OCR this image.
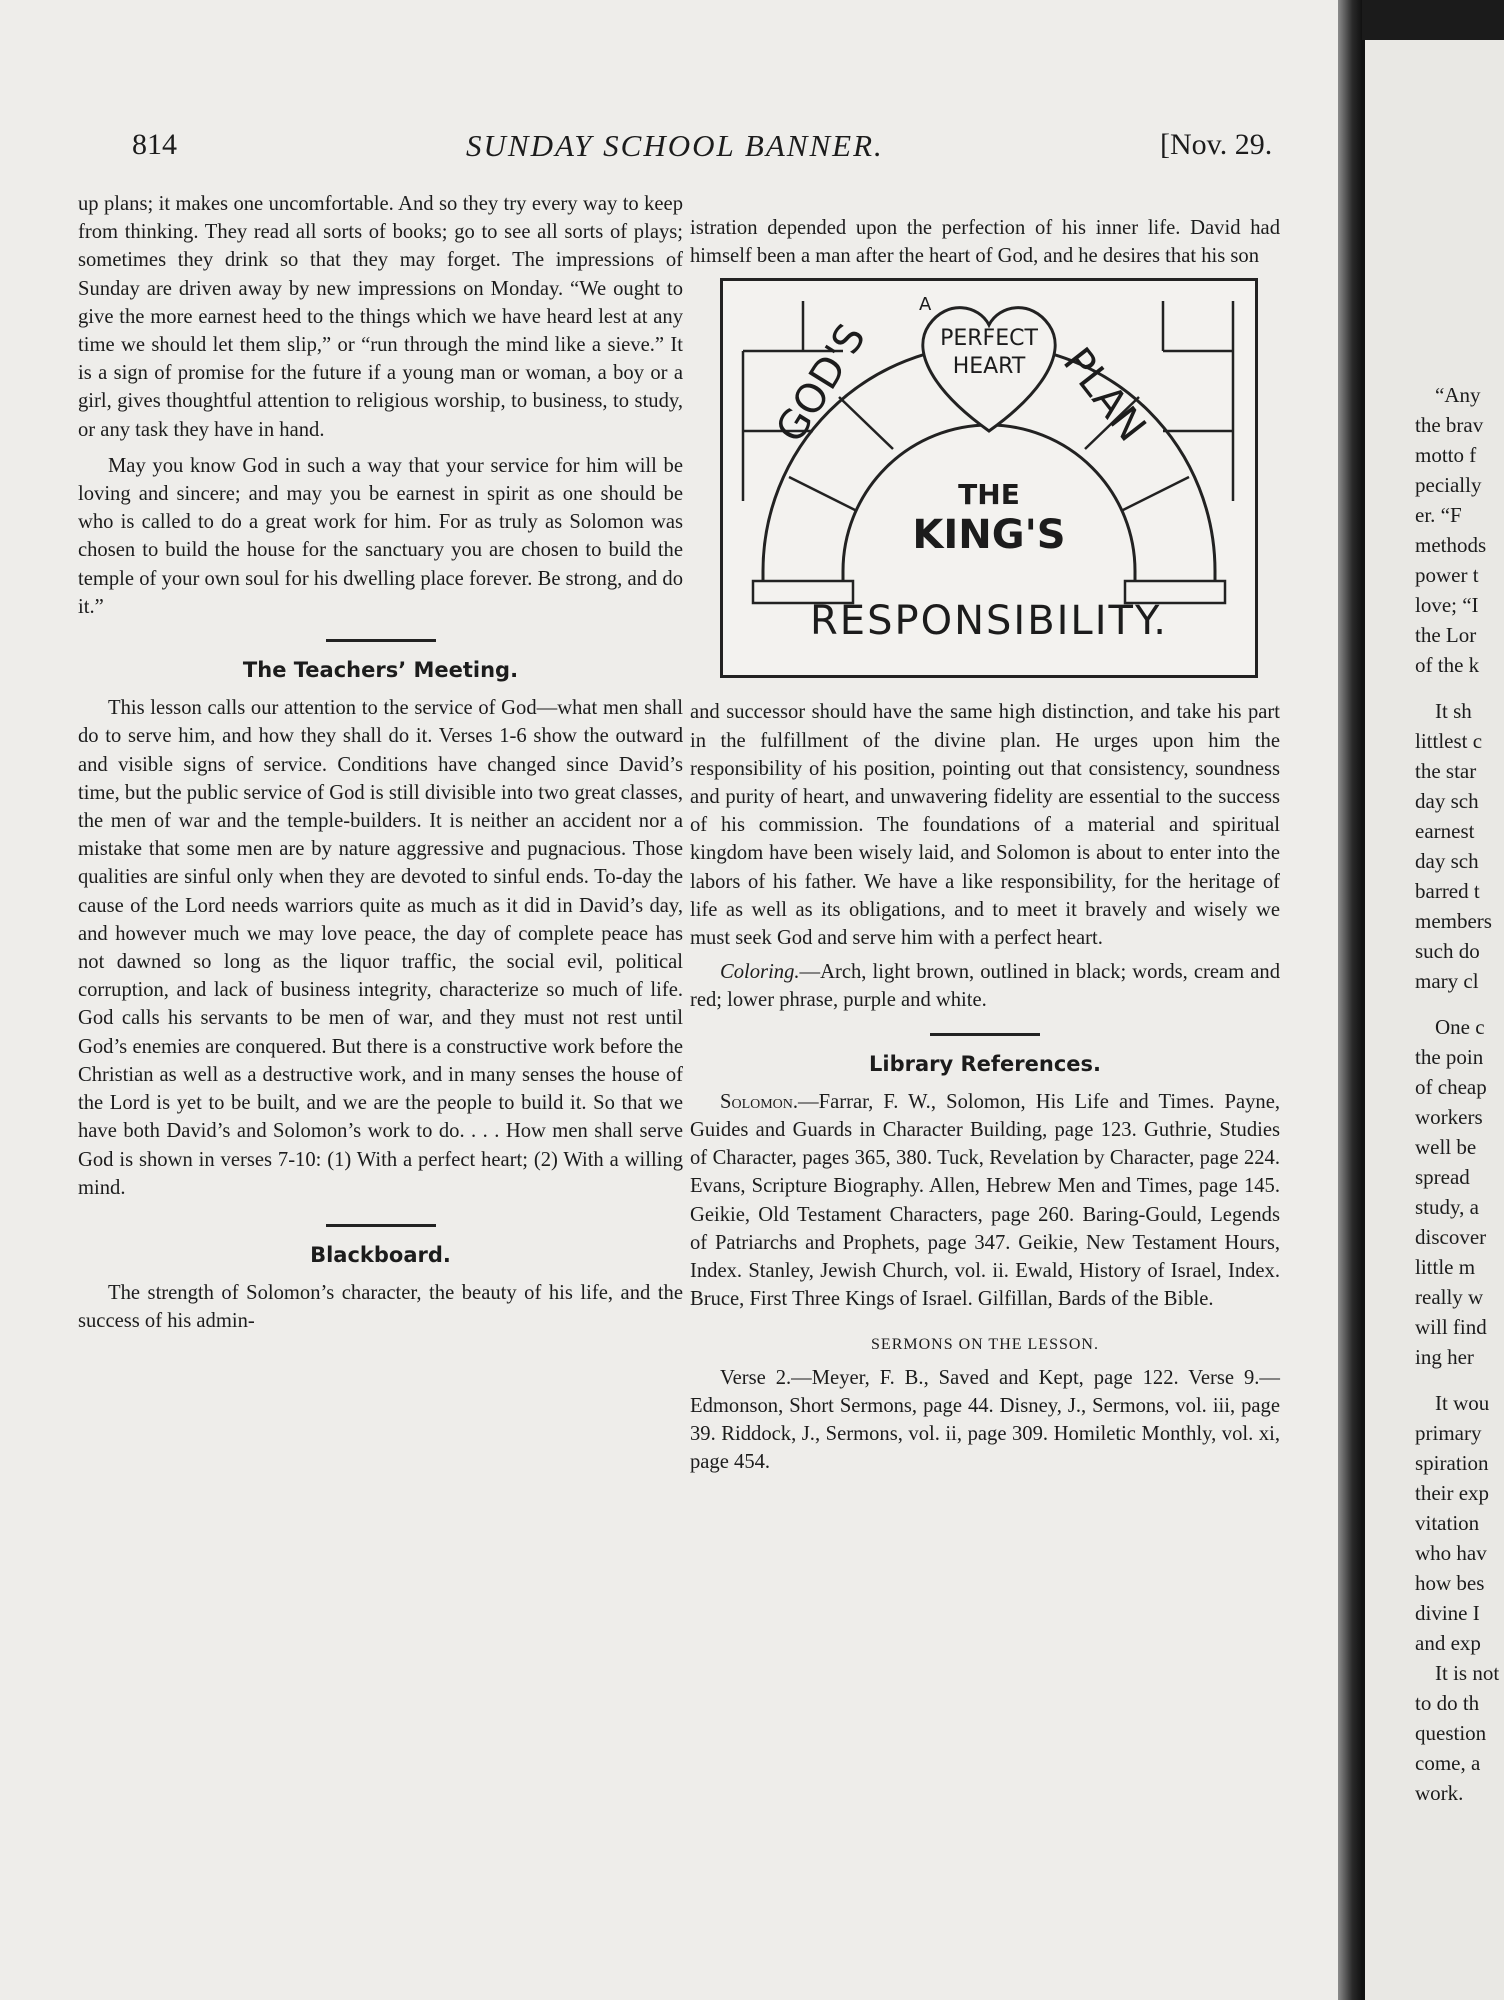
814	SUNDAY SCHOOL BANNER.	[Nov. 29.

up plans; it makes one uncomfortable. And so they try every way to keep from thinking. They read all sorts of books; go to see all sorts of plays; sometimes they drink so that they may forget. The impressions of Sunday are driven away by new impressions on Monday. “We ought to give the more earnest heed to the things which we have heard lest at any time we should let them slip,” or “run through the mind like a sieve.” It is a sign of promise for the future if a young man or woman, a boy or a girl, gives thoughtful attention to religious worship, to business, to study, or any task they have in hand.

May you know God in such a way that your service for him will be loving and sincere; and may you be earnest in spirit as one should be who is called to do a great work for him. For as truly as Solomon was chosen to build the house for the sanctuary you are chosen to build the temple of your own soul for his dwelling place forever. Be strong, and do it.”

The Teachers’ Meeting.

This lesson calls our attention to the service of God—what men shall do to serve him, and how they shall do it. Verses 1-6 show the outward and visible signs of service. Conditions have changed since David’s time, but the public service of God is still divisible into two great classes, the men of war and the temple-builders. It is neither an accident nor a mistake that some men are by nature aggressive and pugnacious. Those qualities are sinful only when they are devoted to sinful ends. To-day the cause of the Lord needs warriors quite as much as it did in David’s day, and however much we may love peace, the day of complete peace has not dawned so long as the liquor traffic, the social evil, political corruption, and lack of business integrity, characterize so much of life. God calls his servants to be men of war, and they must not rest until God’s enemies are conquered. But there is a constructive work before the Christian as well as a destructive work, and in many senses the house of the Lord is yet to be built, and we are the people to build it. So that we have both David’s and Solomon’s work to do. . . . How men shall serve God is shown in verses 7-10: (1) With a perfect heart; (2) With a willing mind.

Blackboard.

The strength of Solomon’s character, the beauty of his life, and the success of his admin-

istration depended upon the perfection of his inner life. David had himself been a man after the heart of God, and he desires that his son

A
PERFECT
HEART
GOD'S	PLAN
THE
KING'S
RESPONSIBILITY.

and successor should have the same high distinction, and take his part in the fulfillment of the divine plan. He urges upon him the responsibility of his position, pointing out that consistency, soundness and purity of heart, and unwavering fidelity are essential to the success of his commission. The foundations of a material and spiritual kingdom have been wisely laid, and Solomon is about to enter into the labors of his father. We have a like responsibility, for the heritage of life as well as its obligations, and to meet it bravely and wisely we must seek God and serve him with a perfect heart.

Coloring.—Arch, light brown, outlined in black; words, cream and red; lower phrase, purple and white.

Library References.

Solomon.—Farrar, F. W., Solomon, His Life and Times. Payne, Guides and Guards in Character Building, page 123. Guthrie, Studies of Character, pages 365, 380. Tuck, Revelation by Character, page 224. Evans, Scripture Biography. Allen, Hebrew Men and Times, page 145. Geikie, Old Testament Characters, page 260. Baring-Gould, Legends of Patriarchs and Prophets, page 347. Geikie, New Testament Hours, Index. Stanley, Jewish Church, vol. ii. Ewald, History of Israel, Index. Bruce, First Three Kings of Israel. Gilfillan, Bards of the Bible.

SERMONS ON THE LESSON.

Verse 2.—Meyer, F. B., Saved and Kept, page 122. Verse 9.—Edmonson, Short Sermons, page 44. Disney, J., Sermons, vol. iii, page 39. Riddock, J., Sermons, vol. ii, page 309. Homiletic Monthly, vol. xi, page 454.

“Any
the brav
motto f
pecially
er. “F
methods
power t
love; “I
the Lor
of the k
It sh
littlest c
the star
day sch
earnest
day sch
barred t
members
such do
mary cl
One c
the poin
of cheap
workers
well be
spread
study, a
discover
little m
really w
will find
ing her
It wou
primary
spiration
their exp
vitation
who hav
how bes
divine I
and exp
It is not
to do th
question
come, a
work.
